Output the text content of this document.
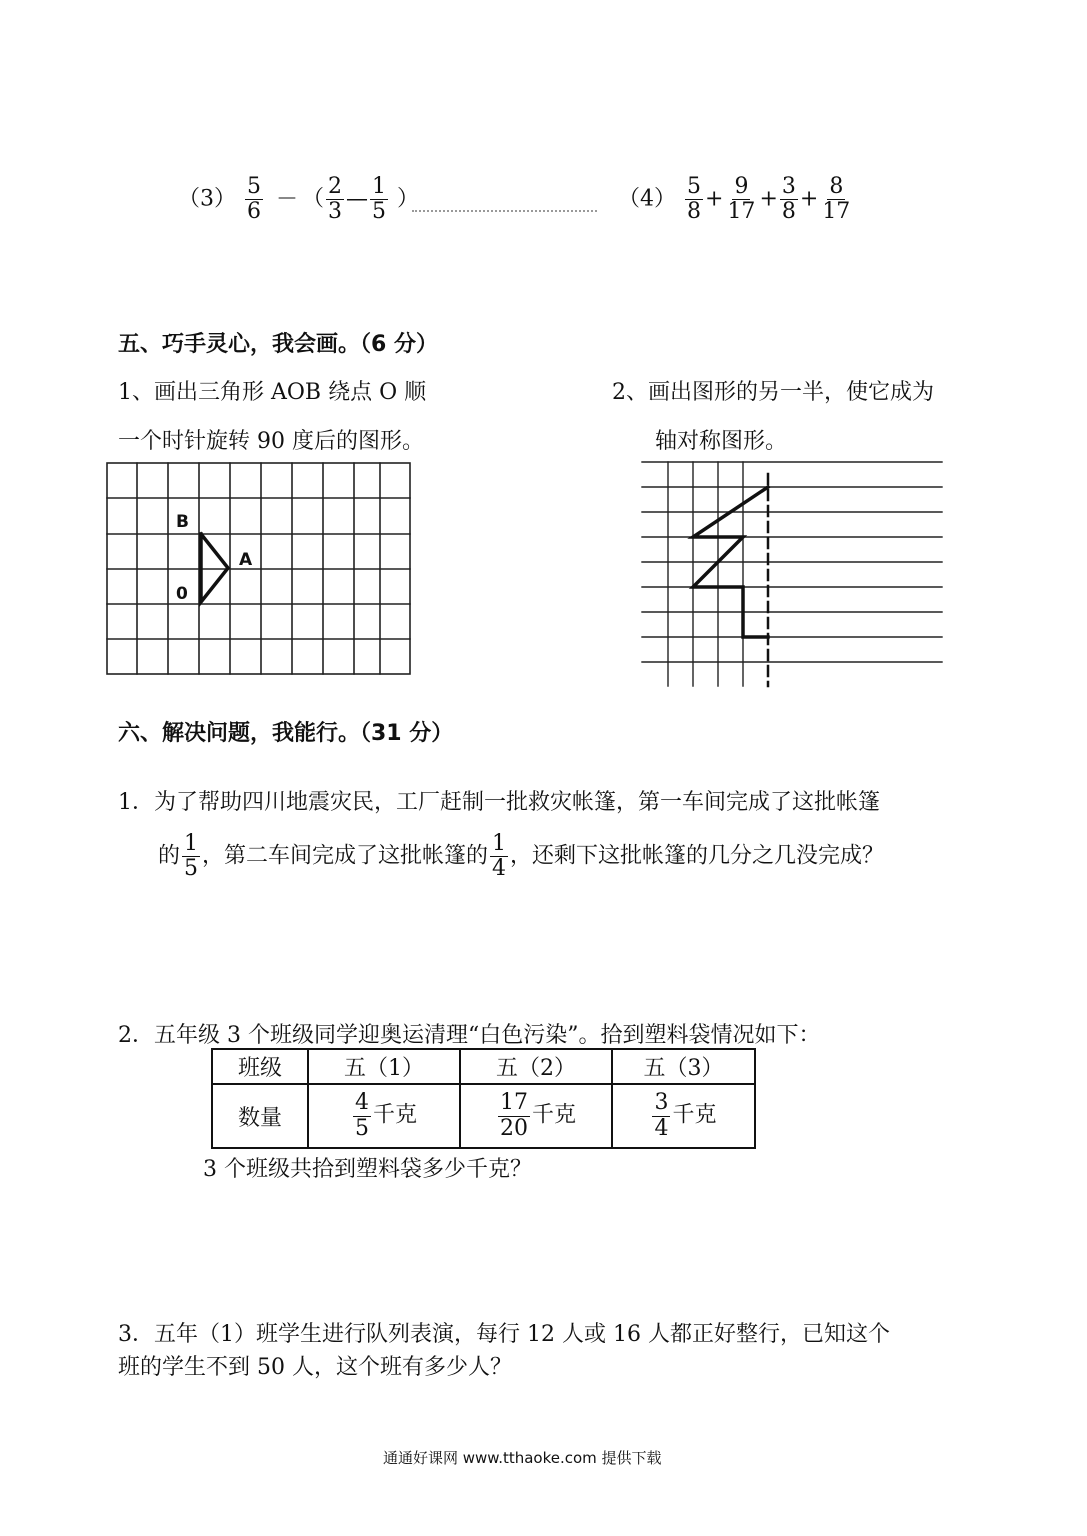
$(3) \frac{5}{6}$ － （ $\frac{2}{3}$ — $\frac{1}{5}$ ）	$(4) \frac{5}{8} + \frac{9}{17} + \frac{3}{8} + \frac{8}{17}$
五、巧手灵心，我会画。（6 分）
1、画出三角形 AOB 绕点 O 顺
一个时针旋转 90 度后的图形。
2、画出图形的另一半，使它成为
轴对称图形。
B
A
0
六、解决问题，我能行。（31 分）
1．为了帮助四川地震灾民，工厂赶制一批救灾帐篷，第一车间完成了这批帐篷
的 $\frac{1}{5}$ ，第二车间完成了这批帐篷的 $\frac{1}{4}$ ，还剩下这批帐篷的几分之几没完成？
2．五年级 3 个班级同学迎奥运清理“白色污染”。拾到塑料袋情况如下：
班级	五（1）	五（2）	五（3）
数量	$\frac{4}{5}$ 千克	$\frac{17}{20}$ 千克	$\frac{3}{4}$ 千克
3 个班级共拾到塑料袋多少千克？
3．五年（1）班学生进行队列表演，每行 12 人或 16 人都正好整行，已知这个
班的学生不到 50 人，这个班有多少人？
通通好课网 www.tthaoke.com 提供下载
